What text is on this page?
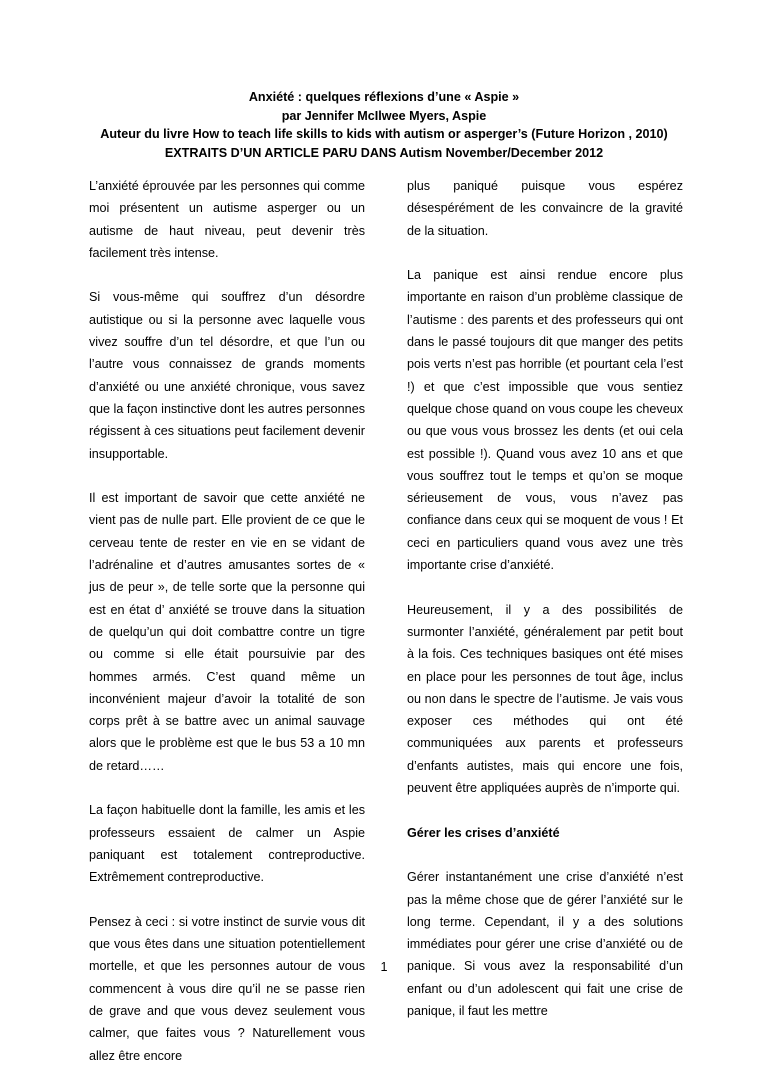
Anxiété : quelques réflexions d’une « Aspie »
par Jennifer McIlwee Myers, Aspie
Auteur du livre How to teach life skills to kids with autism or asperger’s (Future Horizon , 2010)
EXTRAITS D’UN ARTICLE PARU DANS Autism November/December 2012

L’anxiété éprouvée par les personnes qui comme moi présentent un autisme asperger ou un autisme de haut niveau, peut devenir très facilement très intense.

Si vous-même qui souffrez d’un désordre autistique ou si la personne avec laquelle vous vivez souffre d’un tel désordre, et que l’un ou l’autre vous connaissez de grands moments d’anxiété ou une anxiété chronique, vous savez que la façon instinctive dont les autres personnes régissent à ces situations peut facilement devenir insupportable.

Il est important de savoir que cette anxiété ne vient pas de nulle part. Elle provient de ce que le cerveau tente de rester en vie en se vidant de l’adrénaline et d’autres amusantes sortes de « jus de peur », de telle sorte que la personne qui est en état d’ anxiété se trouve dans la situation de quelqu’un qui doit combattre contre un tigre ou comme si elle était poursuivie par des hommes armés. C’est quand même un inconvénient majeur d’avoir la totalité de son corps prêt à se battre avec un animal sauvage alors que le problème est que le bus 53 a 10 mn de retard……

La façon habituelle dont la famille, les amis et les professeurs essaient de calmer un Aspie paniquant est totalement contreproductive. Extrêmement contreproductive.

Pensez à ceci : si votre instinct de survie vous dit que vous êtes dans une situation potentiellement mortelle, et que les personnes autour de vous commencent à vous dire qu’il ne se passe rien de grave and que vous devez seulement vous calmer, que faites vous ? Naturellement vous allez être encore

plus paniqué puisque vous espérez désespérément de les convaincre de la gravité de la situation.

La panique est ainsi rendue encore plus importante en raison d’un problème classique de l’autisme : des parents et des professeurs qui ont dans le passé toujours dit que manger des petits pois verts n’est pas horrible (et pourtant cela l’est !) et que c’est impossible que vous sentiez quelque chose quand on vous coupe les cheveux ou que vous vous brossez les dents (et oui cela est possible !). Quand vous avez 10 ans et que vous souffrez tout le temps et qu’on se moque sérieusement de vous, vous n’avez pas confiance dans ceux qui se moquent de vous ! Et ceci en particuliers quand vous avez une très importante crise d’anxiété.

Heureusement, il y a des possibilités de surmonter l’anxiété, généralement par petit bout à la fois. Ces techniques basiques ont été mises en place pour les personnes de tout âge, inclus ou non dans le spectre de l’autisme. Je vais vous exposer ces méthodes qui ont été communiquées aux parents et professeurs d’enfants autistes, mais qui encore une fois, peuvent être appliquées auprès de n’importe qui.

Gérer les crises d’anxiété

Gérer instantanément une crise d’anxiété n’est pas la même chose que de gérer l’anxiété sur le long terme. Cependant, il y a des solutions immédiates pour gérer une crise d’anxiété ou de panique. Si vous avez la responsabilité d’un enfant ou d’un adolescent qui fait une crise de panique, il faut les mettre

1
